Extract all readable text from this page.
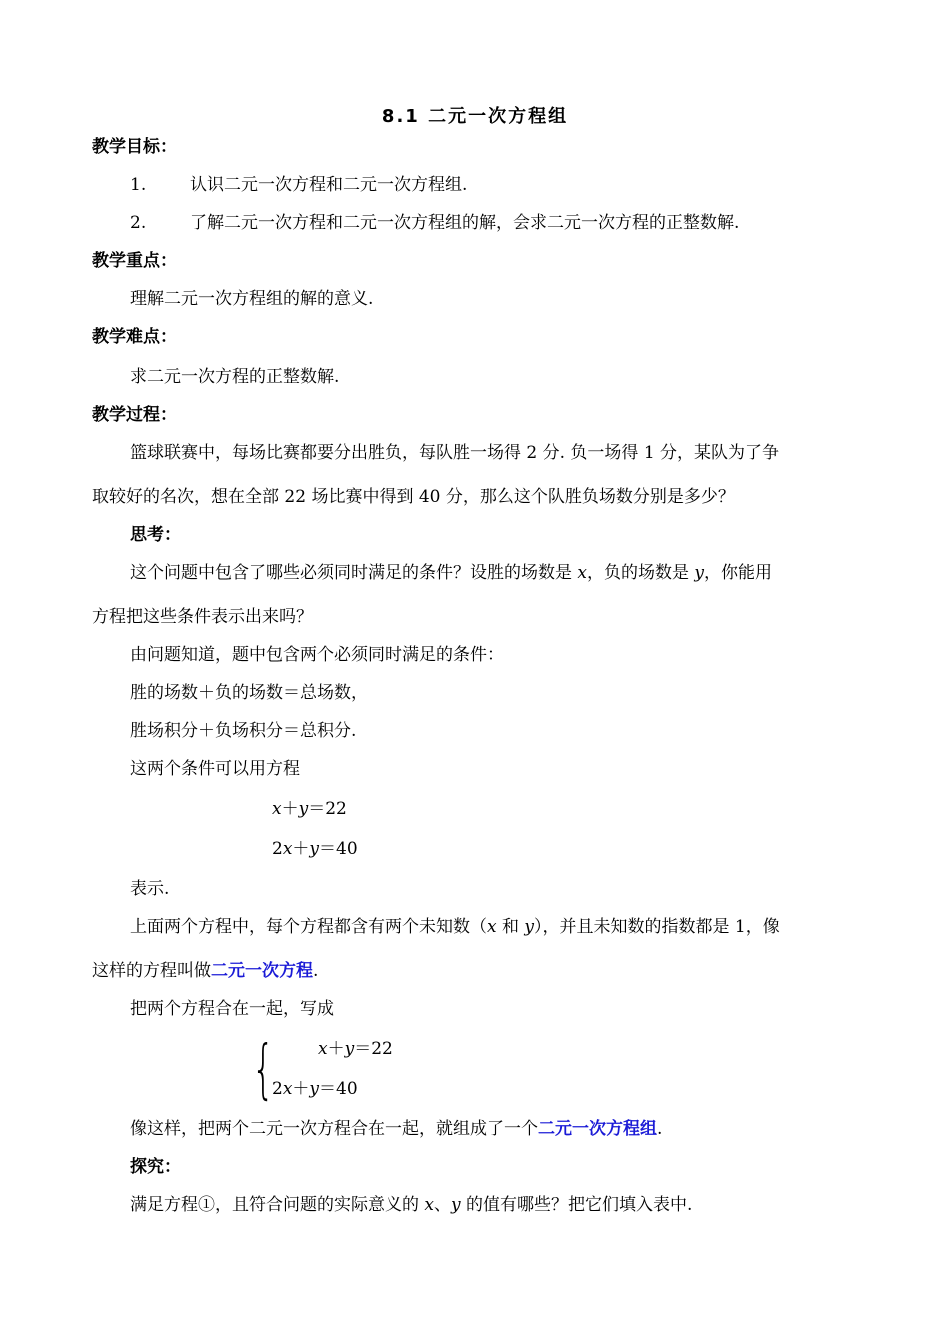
8.1 二元一次方程组
教学目标：
1.	认识二元一次方程和二元一次方程组.
2.	了解二元一次方程和二元一次方程组的解，会求二元一次方程的正整数解.
教学重点：
理解二元一次方程组的解的意义.
教学难点：
求二元一次方程的正整数解.
教学过程：
篮球联赛中，每场比赛都要分出胜负，每队胜一场得 2 分. 负一场得 1 分，某队为了争
取较好的名次，想在全部 22 场比赛中得到 40 分，那么这个队胜负场数分别是多少？
思考：
这个问题中包含了哪些必须同时满足的条件？设胜的场数是 x，负的场数是 y，你能用
方程把这些条件表示出来吗？
由问题知道，题中包含两个必须同时满足的条件：
胜的场数＋负的场数＝总场数，
胜场积分＋负场积分＝总积分.
这两个条件可以用方程
x＋y＝22
2x＋y＝40
表示.
上面两个方程中，每个方程都含有两个未知数（x 和 y），并且未知数的指数都是 1，像
这样的方程叫做二元一次方程.
把两个方程合在一起，写成
{	x＋y＝22
2x＋y＝40
像这样，把两个二元一次方程合在一起，就组成了一个二元一次方程组.
探究：
满足方程①，且符合问题的实际意义的 x、y 的值有哪些？把它们填入表中.
